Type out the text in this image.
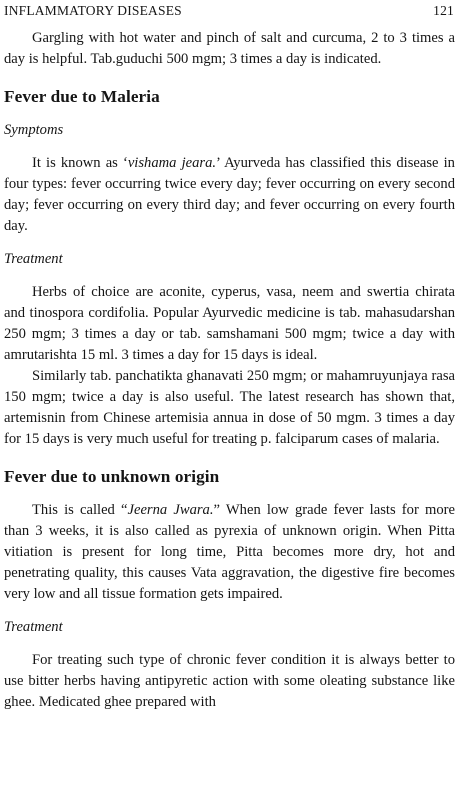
INFLAMMATORY DISEASES	121

Gargling with hot water and pinch of salt and curcuma, 2 to 3 times a day is helpful. Tab.guduchi 500 mgm; 3 times a day is indicated.

Fever due to Maleria
Symptoms

It is known as ‘vishama jeara.’ Ayurveda has classified this disease in four types: fever occurring twice every day; fever occurring on every second day; fever occurring on every third day; and fever occurring on every fourth day.

Treatment

Herbs of choice are aconite, cyperus, vasa, neem and swertia chirata and tinospora cordifolia. Popular Ayurvedic medicine is tab. mahasudarshan 250 mgm; 3 times a day or tab. samshamani 500 mgm; twice a day with amrutarishta 15 ml. 3 times a day for 15 days is ideal.

Similarly tab. panchatikta ghanavati 250 mgm; or mahamruyunjaya rasa 150 mgm; twice a day is also useful. The latest research has shown that, artemisnin from Chinese artemisia annua in dose of 50 mgm. 3 times a day for 15 days is very much useful for treating p. falciparum cases of malaria.

Fever due to unknown origin

This is called “Jeerna Jwara.” When low grade fever lasts for more than 3 weeks, it is also called as pyrexia of unknown origin. When Pitta vitiation is present for long time, Pitta becomes more dry, hot and penetrating quality, this causes Vata aggravation, the digestive fire becomes very low and all tissue formation gets impaired.

Treatment

For treating such type of chronic fever condition it is always better to use bitter herbs having antipyretic action with some oleating substance like ghee. Medicated ghee prepared with
